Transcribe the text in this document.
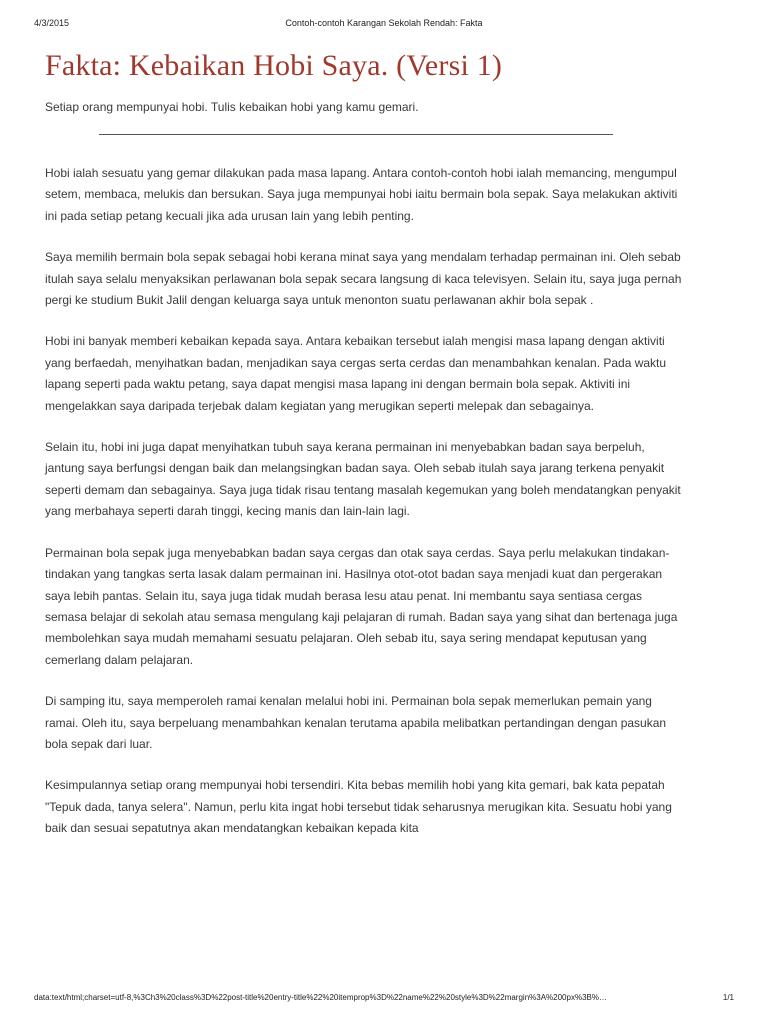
4/3/2015	Contoh-contoh Karangan Sekolah Rendah: Fakta
Fakta: Kebaikan Hobi Saya. (Versi 1)
Setiap orang mempunyai hobi. Tulis kebaikan hobi yang kamu gemari.

Hobi ialah sesuatu yang gemar dilakukan pada masa lapang. Antara contoh-contoh hobi ialah memancing, mengumpul setem, membaca, melukis dan bersukan. Saya juga mempunyai hobi iaitu bermain bola sepak. Saya melakukan aktiviti ini pada setiap petang kecuali jika ada urusan lain yang lebih penting.

Saya memilih bermain bola sepak sebagai hobi kerana minat saya yang mendalam terhadap permainan ini. Oleh sebab itulah saya selalu menyaksikan perlawanan bola sepak secara langsung di kaca televisyen. Selain itu, saya juga pernah pergi ke studium Bukit Jalil dengan keluarga saya untuk menonton suatu perlawanan akhir bola sepak .

Hobi ini banyak memberi kebaikan kepada saya. Antara kebaikan tersebut ialah mengisi masa lapang dengan aktiviti yang berfaedah, menyihatkan badan, menjadikan saya cergas serta cerdas dan menambahkan kenalan. Pada waktu lapang seperti pada waktu petang, saya dapat mengisi masa lapang ini dengan bermain bola sepak. Aktiviti ini mengelakkan saya daripada terjebak dalam kegiatan yang merugikan seperti melepak dan sebagainya.

Selain itu, hobi ini juga dapat menyihatkan tubuh saya kerana permainan ini menyebabkan badan saya berpeluh, jantung saya berfungsi dengan baik dan melangsingkan badan saya. Oleh sebab itulah saya jarang terkena penyakit seperti demam dan sebagainya. Saya juga tidak risau tentang masalah kegemukan yang boleh mendatangkan penyakit yang merbahaya seperti darah tinggi, kecing manis dan lain-lain lagi.

Permainan bola sepak juga menyebabkan badan saya cergas dan otak saya cerdas. Saya perlu melakukan tindakan-tindakan yang tangkas serta lasak dalam permainan ini. Hasilnya otot-otot badan saya menjadi kuat dan pergerakan saya lebih pantas. Selain itu, saya juga tidak mudah berasa lesu atau penat. Ini membantu saya sentiasa cergas semasa belajar di sekolah atau semasa mengulang kaji pelajaran di rumah. Badan saya yang sihat dan bertenaga juga membolehkan saya mudah memahami sesuatu pelajaran. Oleh sebab itu, saya sering mendapat keputusan yang cemerlang dalam pelajaran.

Di samping itu, saya memperoleh ramai kenalan melalui hobi ini. Permainan bola sepak memerlukan pemain yang ramai. Oleh itu, saya berpeluang menambahkan kenalan terutama apabila melibatkan pertandingan dengan pasukan bola sepak dari luar.

Kesimpulannya setiap orang mempunyai hobi tersendiri. Kita bebas memilih hobi yang kita gemari, bak kata pepatah "Tepuk dada, tanya selera". Namun, perlu kita ingat hobi tersebut tidak seharusnya merugikan kita. Sesuatu hobi yang baik dan sesuai sepatutnya akan mendatangkan kebaikan kepada kita

data:text/html;charset=utf-8,%3Ch3%20class%3D%22post-title%20entry-title%22%20itemprop%3D%22name%22%20style%3D%22margin%3A%200px%3B%…	1/1
